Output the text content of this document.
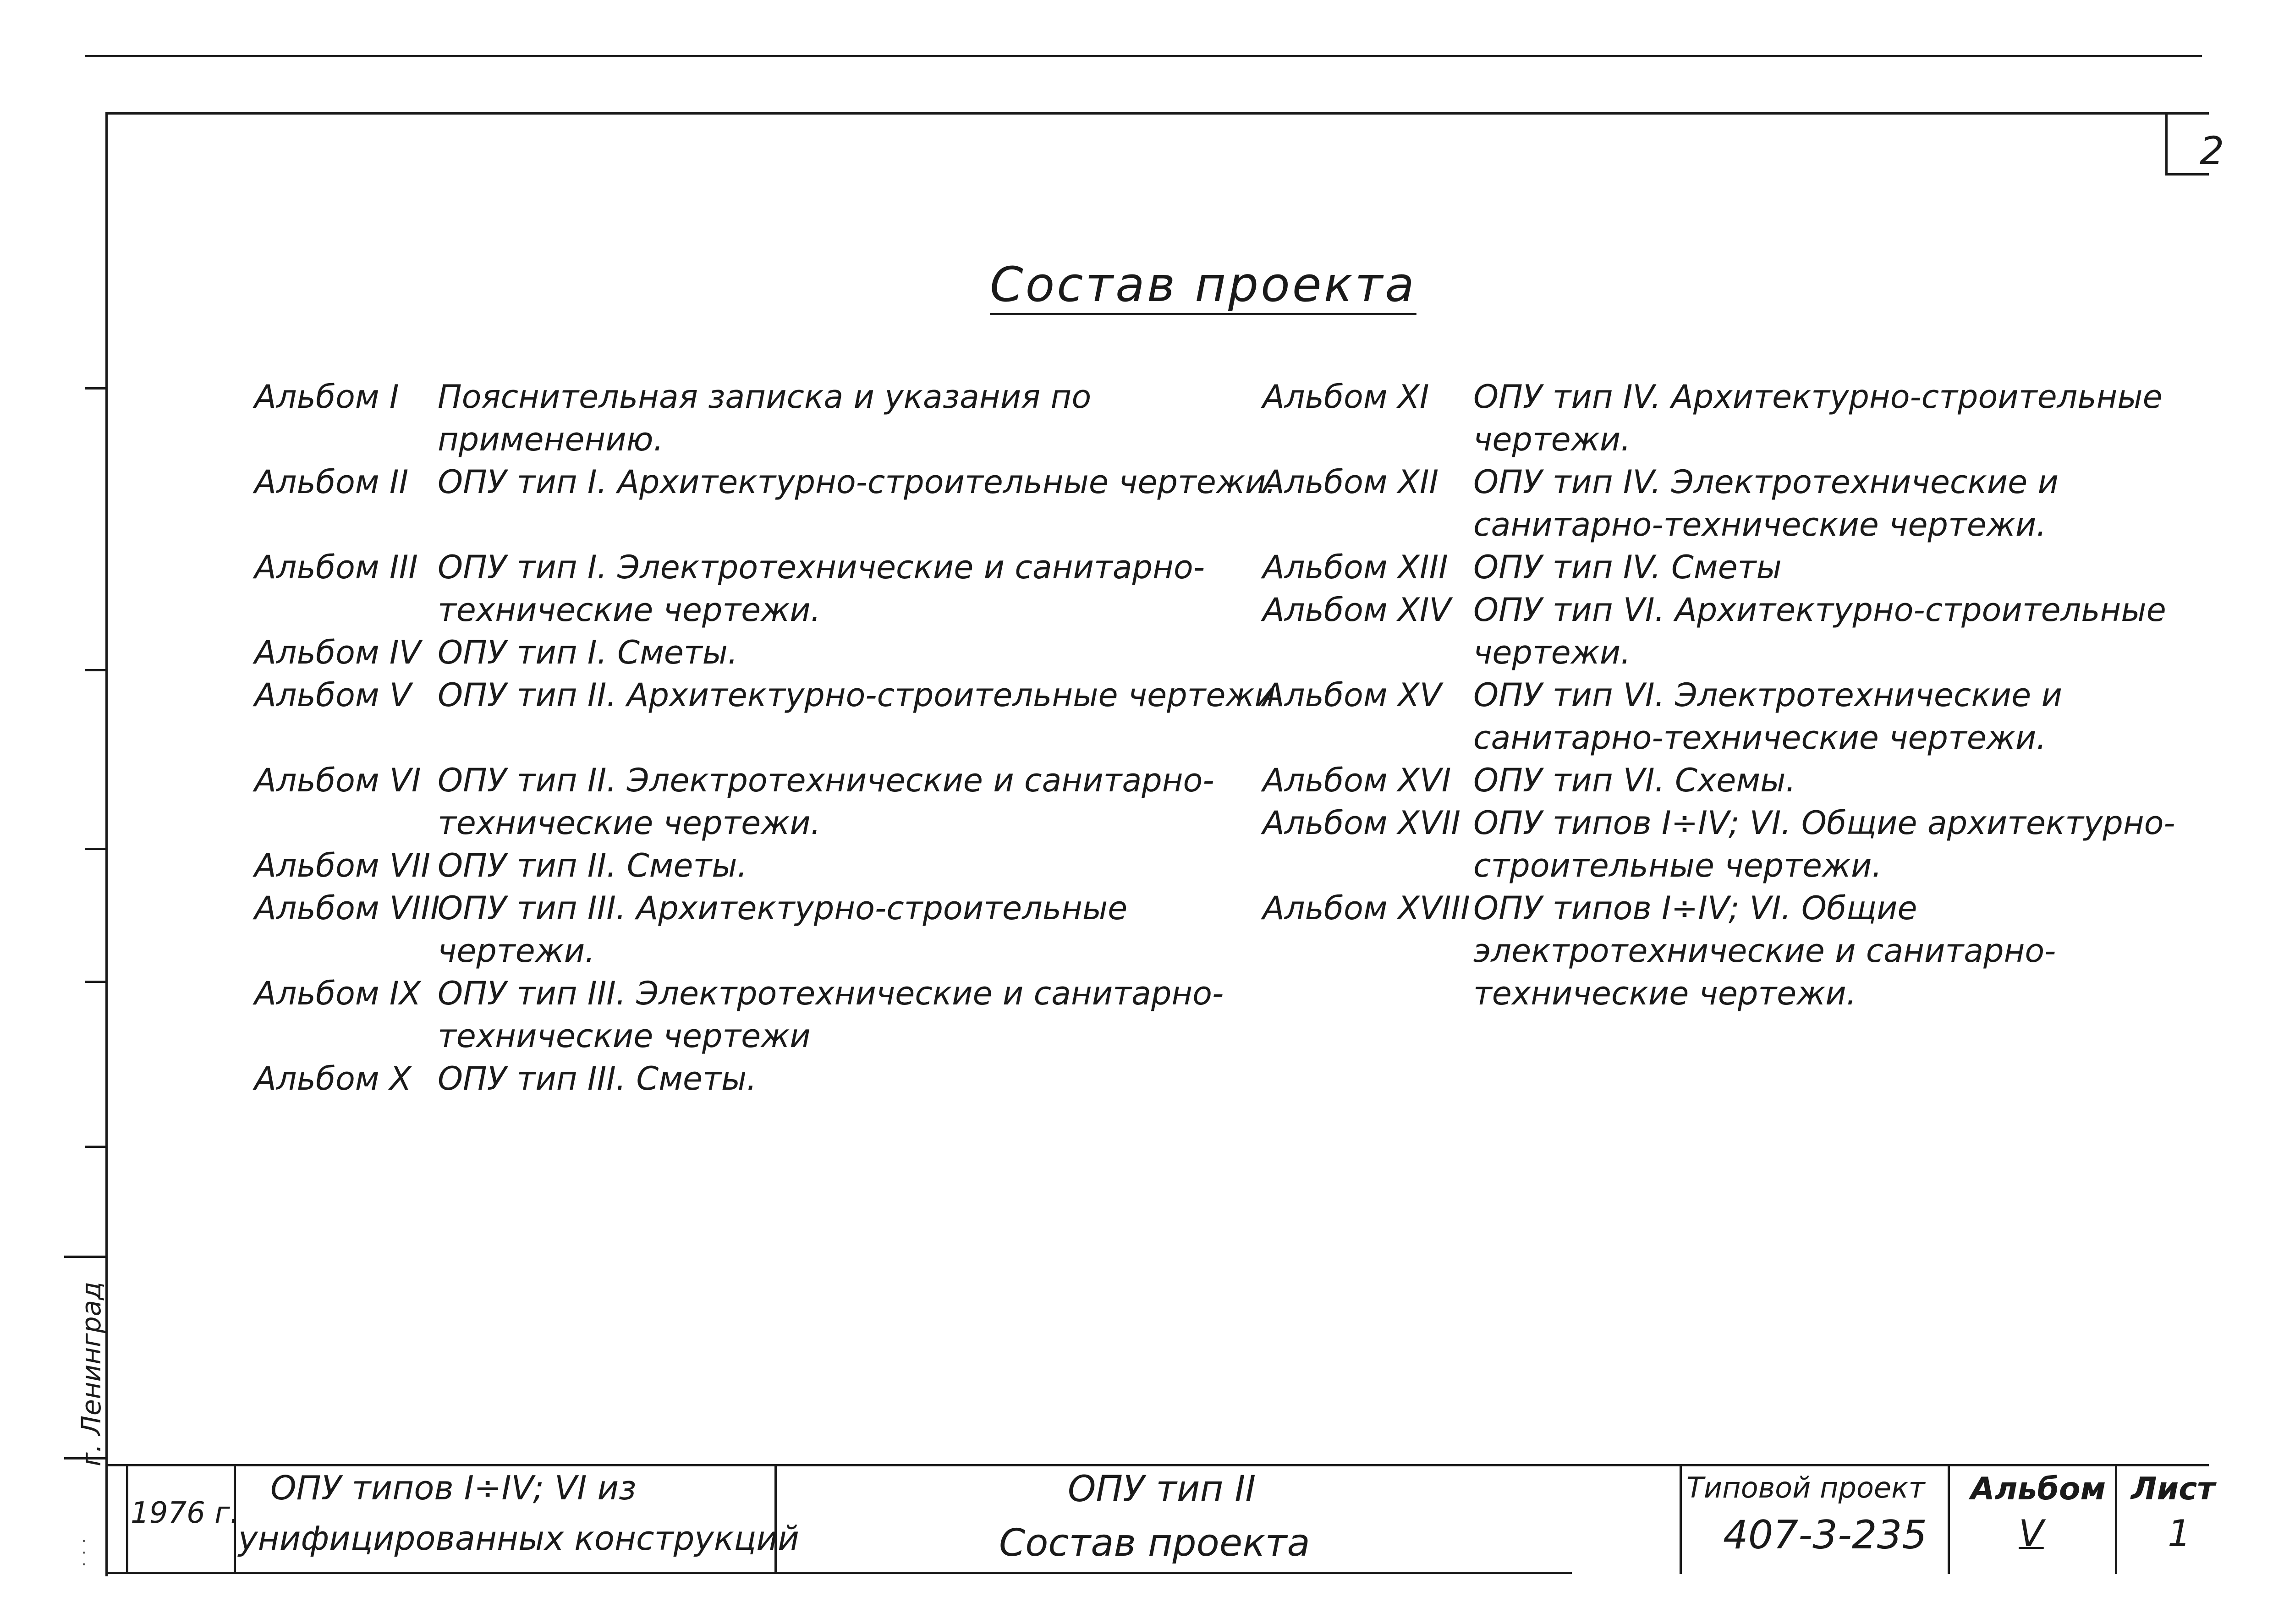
2
Состав проекта
Альбом I Пояснительная записка и указания по применению.
Альбом II ОПУ тип I. Архитектурно-строительные чертежи.
Альбом III ОПУ тип I. Электротехнические и санитарно-технические чертежи.
Альбом IV ОПУ тип I. Сметы.
Альбом V ОПУ тип II. Архитектурно-строительные чертежи
Альбом VI ОПУ тип II. Электротехнические и санитарно-технические чертежи.
Альбом VII ОПУ тип II. Сметы.
Альбом VIII
ОПУ тип III. Архитектурно-строительные чертежи.
Альбом IX ОПУ тип III. Электротехнические и санитарно-технические чертежи
Альбом X ОПУ тип III. Сметы.
Альбом XI ОПУ тип IV. Архитектурно-строительные чертежи.
Альбом XII ОПУ тип IV. Электротехнические и санитарно-технические чертежи.
Альбом XIII ОПУ тип IV. Сметы
Альбом XIV ОПУ тип VI. Архитектурно-строительные чертежи.
Альбом XV ОПУ тип VI. Электротехнические и санитарно-технические чертежи.
Альбом XVI ОПУ тип VI. Схемы.
Альбом XVII ОПУ типов I÷IV; VI. Общие архитектурно-строительные чертежи.
Альбом XVIII ОПУ типов I÷IV; VI. Общие электротехнические и санитарно-технические чертежи.
г. Ленинград
. . .
1976 г.
ОПУ типов I÷IV; VI из
унифицированных конструкций
ОПУ тип II
Состав проекта
Типовой проект
407-3-235
Альбом
V
Лист
1
